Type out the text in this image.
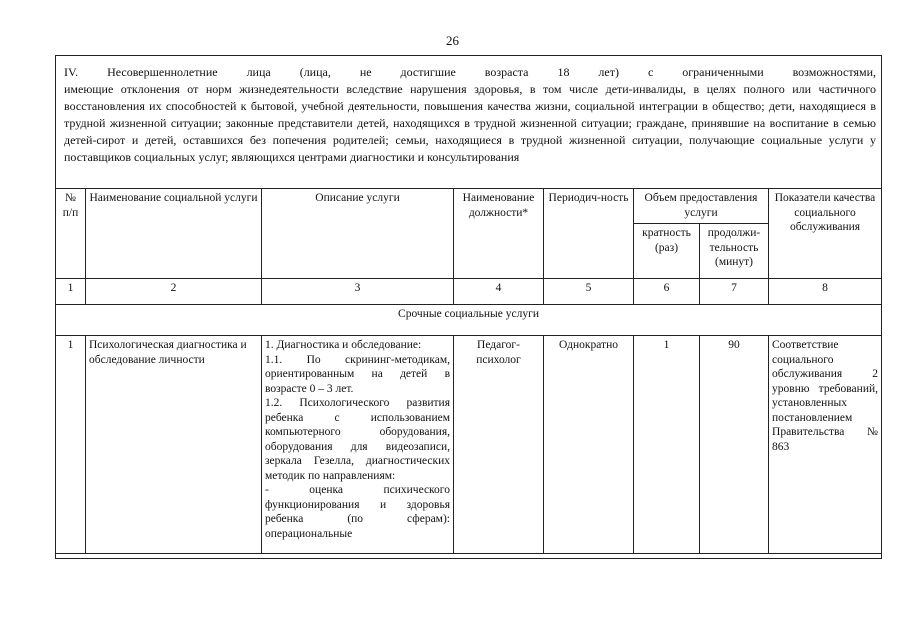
26
IV. Несовершеннолетние лица (лица, не достигшие возраста 18 лет) с ограниченными возможностями,
имеющие отклонения от норм жизнедеятельности вследствие нарушения здоровья, в том числе дети-инвалиды, в целях полного или частичного восстановления их способностей к бытовой, учебной деятельности, повышения качества жизни, социальной интеграции в общество; дети, находящиеся в трудной жизненной ситуации; законные представители детей, находящихся в трудной жизненной ситуации; граждане, принявшие на воспитание в семью детей-сирот и детей, оставшихся без попечения родителей; семьи, находящиеся в трудной жизненной ситуации, получающие социальные услуги у поставщиков социальных услуг, являющихся центрами диагностики и консультирования
№ п/п	Наименование социальной услуги	Описание услуги	Наименование должности*	Периодич-ность	Объем предоставления услуги		Показатели качества социального обслуживания
					кратность (раз)	продолжи-тельность (минут)	
1	2	3	4	5	6	7	8
Срочные социальные услуги							
1	Психологическая диагностика и обследование личности	1. Диагностика и обследование:
1.1. По скрининг-методикам, ориентированным на детей в возрасте 0 – 3 лет.
1.2. Психологического развития ребенка с использованием компьютерного оборудования, оборудования для видеозаписи, зеркала Гезелла, диагностических методик по направлениям:
- оценка психического функционирования и здоровья ребенка (по сферам): операциональные	Педагог-психолог	Однократно	1	90	Соответствие социального обслуживания 2 уровню требований, установленных постановлением Правительства № 863
